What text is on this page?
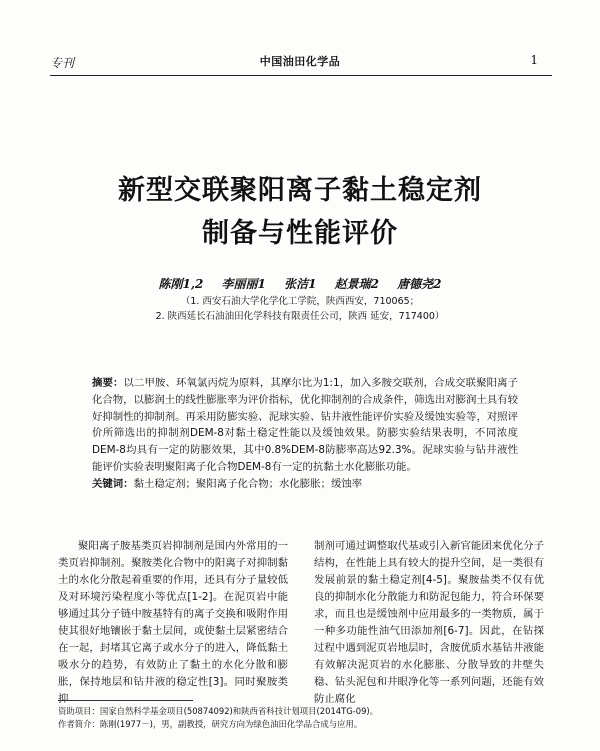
专刊	中国油田化学品	1
新型交联聚阳离子黏土稳定剂
制备与性能评价
陈刚1,2 李丽丽1 张洁1 赵景瑞2 唐德尧2
（1. 西安石油大学化学化工学院，陕西西安，710065；
2. 陕西延长石油油田化学科技有限责任公司，陕西 延安，717400）

摘要：以二甲胺、环氧氯丙烷为原料，其摩尔比为1:1，加入多胺交联剂，合成交联聚阳离子化合物，以膨润土的线性膨胀率为评价指标，优化抑制剂的合成条件，筛选出对膨润土具有较好抑制性的抑制剂。再采用防膨实验、泥球实验、钻井液性能评价实验及缓蚀实验等，对照评价所筛选出的抑制剂DEM-8对黏土稳定性能以及缓蚀效果。防膨实验结果表明，不同浓度DEM-8均具有一定的防膨效果，其中0.8%DEM-8防膨率高达92.3%。泥球实验与钻井液性能评价实验表明聚阳离子化合物DEM-8有一定的抗黏土水化膨胀功能。

关键词：黏土稳定剂；聚阳离子化合物；水化膨胀；缓蚀率

聚阳离子胺基类页岩抑制剂是国内外常用的一类页岩抑制剂。聚胺类化合物中的阳离子对抑制黏土的水化分散起着重要的作用，还具有分子量较低及对环境污染程度小等优点[1-2]。在泥页岩中能够通过其分子链中胺基特有的离子交换和吸附作用使其很好地镶嵌于黏土层间，或使黏土层紧密结合在一起，封堵其它离子或水分子的进入，降低黏土吸水分的趋势，有效防止了黏土的水化分散和膨胀，保持地层和钻井液的稳定性[3]。同时聚胺类抑

制剂可通过调整取代基或引入新官能团来优化分子结构，在性能上具有较大的提升空间，是一类很有发展前景的黏土稳定剂[4-5]。聚胺盐类不仅有优良的抑制水化分散能力和防泥包能力，符合环保要求，而且也是缓蚀剂中应用最多的一类物质，属于一种多功能性油气田添加剂[6-7]。因此，在钻探过程中遇到泥页岩地层时，含胺优质水基钻井液能有效解决泥页岩的水化膨胀、分散导致的井壁失稳、钻头泥包和井眼净化等一系列问题，还能有效防止腐化

资助项目：国家自然科学基金项目(50874092)和陕西省科技计划项目(2014TG-09)。
作者简介：陈刚(1977－)，男，副教授，研究方向为绿色油田化学品合成与应用。
